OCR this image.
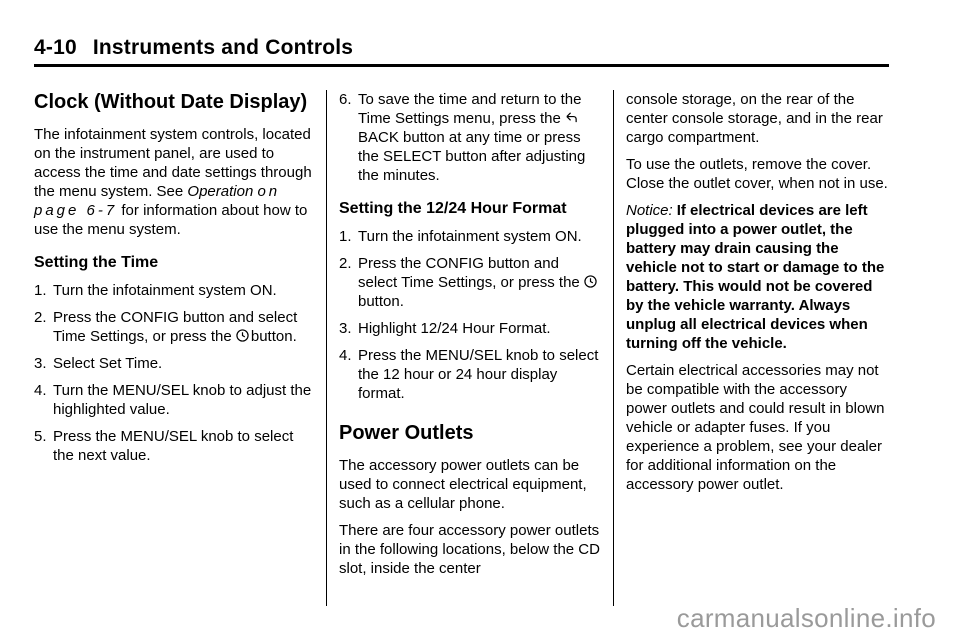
4-10 Instruments and Controls
Clock (Without Date Display)

The infotainment system controls, located on the instrument panel, are used to access the time and date settings through the menu system. See Operation on page 6-7 for information about how to use the menu system.

Setting the Time
1. Turn the infotainment system ON.
2. Press the CONFIG button and select Time Settings, or press the button.
3. Select Set Time.
4. Turn the MENU/SEL knob to adjust the highlighted value.
5. Press the MENU/SEL knob to select the next value.
6. To save the time and return to the Time Settings menu, press the BACK button at any time or press the SELECT button after adjusting the minutes.
Setting the 12/24 Hour Format
1. Turn the infotainment system ON.
2. Press the CONFIG button and select Time Settings, or press the button.
3. Highlight 12/24 Hour Format.
4. Press the MENU/SEL knob to select the 12 hour or 24 hour display format.
Power Outlets

The accessory power outlets can be used to connect electrical equipment, such as a cellular phone.

There are four accessory power outlets in the following locations, below the CD slot, inside the center

console storage, on the rear of the center console storage, and in the rear cargo compartment.

To use the outlets, remove the cover. Close the outlet cover, when not in use.

Notice: If electrical devices are left plugged into a power outlet, the battery may drain causing the vehicle not to start or damage to the battery. This would not be covered by the vehicle warranty. Always unplug all electrical devices when turning off the vehicle.

Certain electrical accessories may not be compatible with the accessory power outlets and could result in blown vehicle or adapter fuses. If you experience a problem, see your dealer for additional information on the accessory power outlet.

carmanualsonline.info
